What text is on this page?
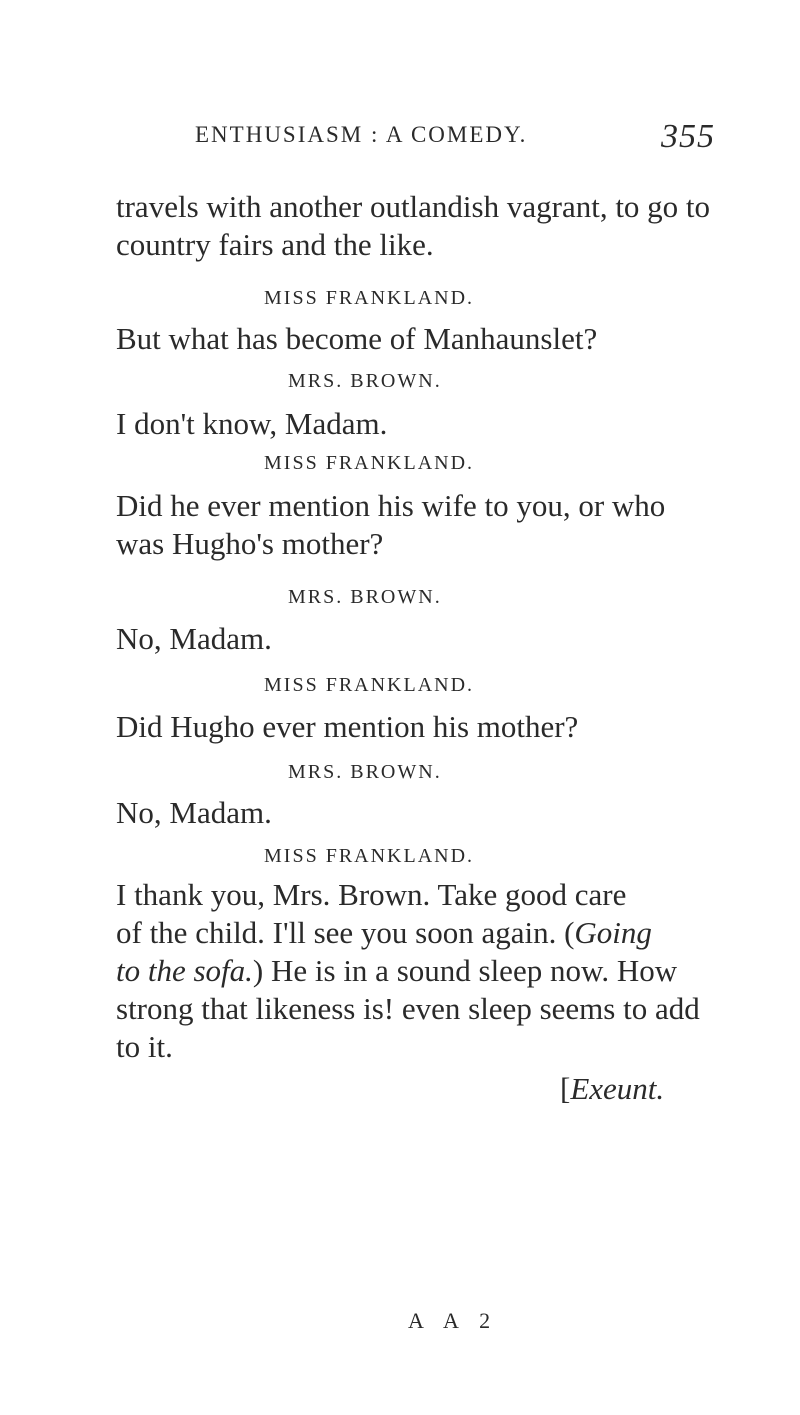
ENTHUSIASM : A COMEDY.	355
travels with another outlandish vagrant, to go to
country fairs and the like.
MISS FRANKLAND.
But what has become of Manhaunslet?
MRS. BROWN.
I don't know, Madam.
MISS FRANKLAND.
Did he ever mention his wife to you, or who
was Hugho's mother?
MRS. BROWN.
No, Madam.
MISS FRANKLAND.
Did Hugho ever mention his mother?
MRS. BROWN.
No, Madam.
MISS FRANKLAND.
I thank you, Mrs. Brown. Take good care
of the child. I'll see you soon again. (Going
to the sofa.) He is in a sound sleep now. How
strong that likeness is! even sleep seems to add
to it.
[Exeunt.
A A 2
